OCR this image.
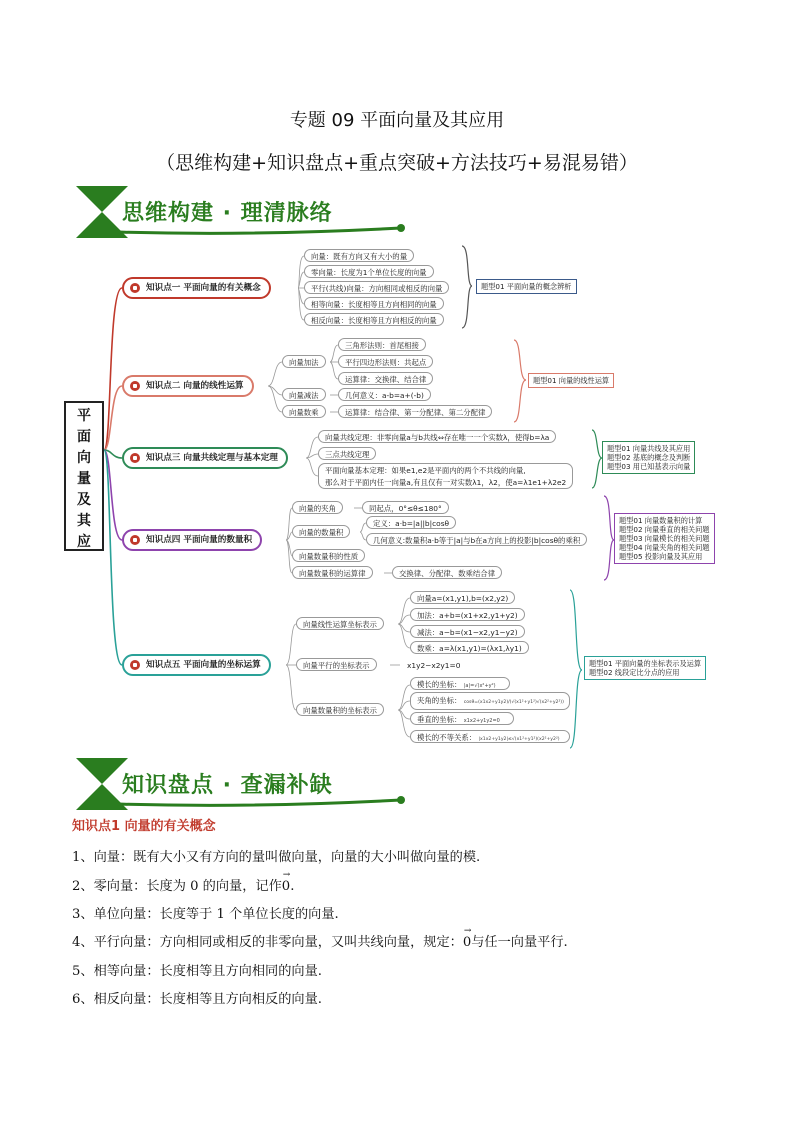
专题 09 平面向量及其应用
（思维构建+知识盘点+重点突破+方法技巧+易混易错）
思维构建 · 理清脉络
平
面
向
量
及
其
应
知识点一 平面向量的有关概念
向量：既有方向又有大小的量
零向量：长度为1个单位长度的向量
平行(共线)向量：方向相同或相反的向量
相等向量：长度相等且方向相同的向量
相反向量：长度相等且方向相反的向量
题型01 平面向量的概念辨析
知识点二 向量的线性运算
向量加法
向量减法
向量数乘
三角形法则：首尾相接
平行四边形法则：共起点
运算律：交换律、结合律
几何意义：a-b=a+(-b)
运算律：结合律、第一分配律、第二分配律
题型01 向量的线性运算
知识点三 向量共线定理与基本定理
向量共线定理：非零向量a与b共线⇔存在唯一一个实数λ，使得b=λa
三点共线定理
平面向量基本定理：如果e1,e2是平面内的两个不共线的向量,
那么对于平面内任一向量a,有且仅有一对实数λ1，λ2，使a=λ1e1+λ2e2
题型01 向量共线及其应用
题型02 基底的概念及判断
题型03 用已知基表示向量
知识点四 平面向量的数量积
向量的夹角
向量的数量积
向量数量积的性质
向量数量积的运算律
同起点，0°≤θ≤180°
定义：a·b=|a||b|cosθ
几何意义:数量积a·b等于|a|与b在a方向上的投影|b|cosθ的乘积
交换律、分配律、数乘结合律
题型01 向量数量积的计算
题型02 向量垂直的相关问题
题型03 向量模长的相关问题
题型04 向量夹角的相关问题
题型05 投影向量及其应用
知识点五 平面向量的坐标运算
向量线性运算坐标表示
向量平行的坐标表示
向量数量积的坐标表示
向量a=(x1,y1),b=(x2,y2)
加法：a+b=(x1+x2,y1+y2)
减法：a−b=(x1−x2,y1−y2)
数乘：a=λ(x1,y1)=(λx1,λy1)
x1y2−x2y1=0
模长的坐标： |a|=√(x²+y²)
夹角的坐标： cosθ=(x1x2+y1y2)/(√(x1²+y1²)√(x2²+y2²))
垂直的坐标： x1x2+y1y2=0
模长的不等关系： |x1x2+y1y2|≤√(x1²+y1²)(x2²+y2²)
题型01 平面向量的坐标表示及运算
题型02 线段定比分点的应用
知识盘点 · 查漏补缺
知识点1 向量的有关概念
1、向量：既有大小又有方向的量叫做向量，向量的大小叫做向量的模.
2、零向量：长度为 0 的向量，记作0
→
.
3、单位向量：长度等于 1 个单位长度的向量.
4、平行向量：方向相同或相反的非零向量，又叫共线向量，规定：0
→
与任一向量平行.
5、相等向量：长度相等且方向相同的向量.
6、相反向量：长度相等且方向相反的向量.
